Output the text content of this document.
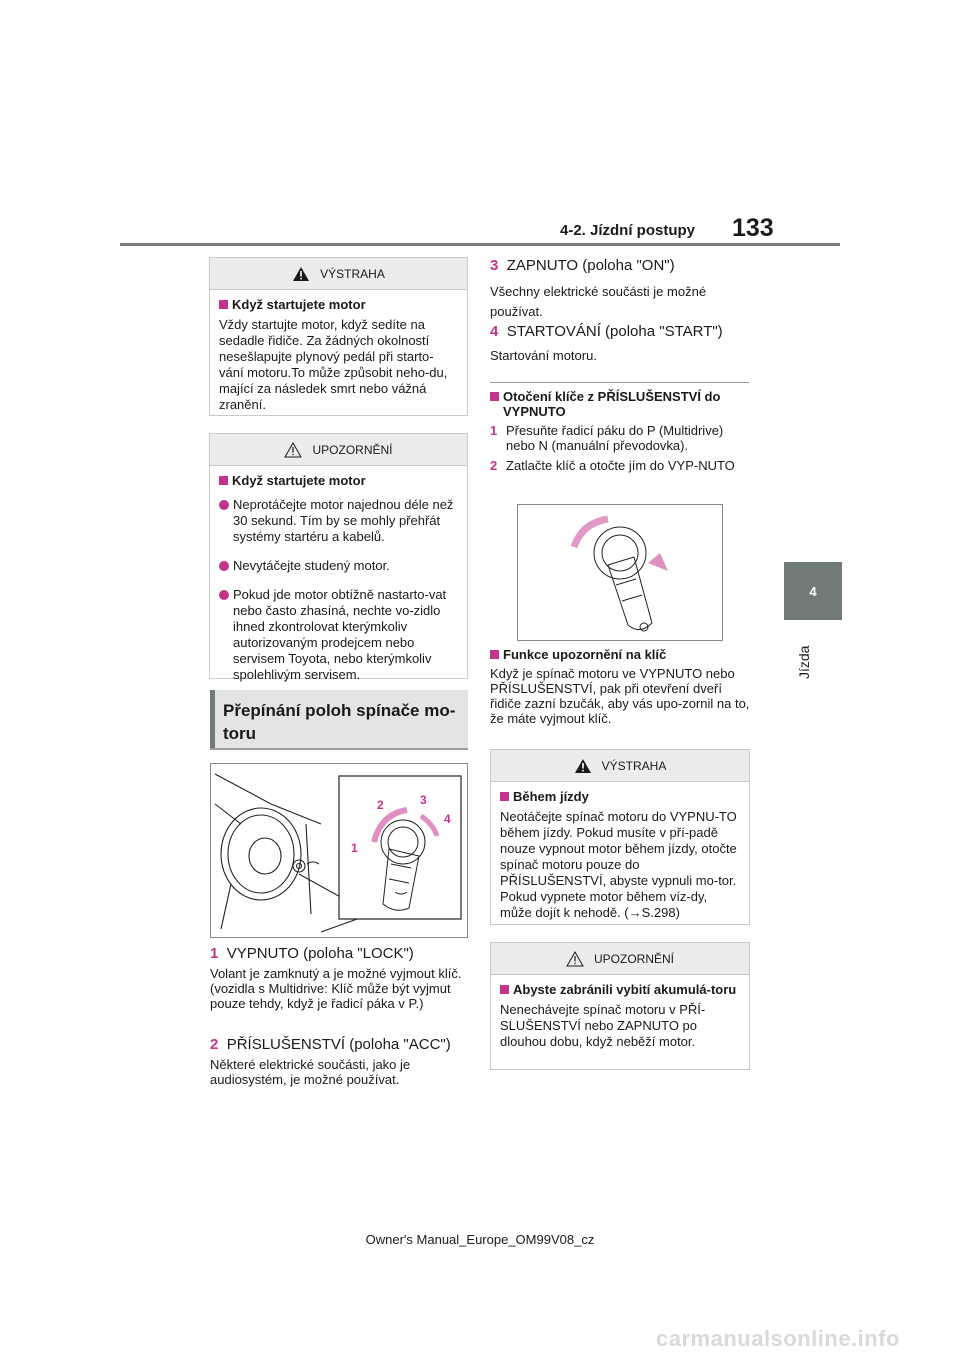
4-2. Jízdní postupy 133
4
Jízda
VÝSTRAHA
Když startujete motor
Vždy startujte motor, když sedíte na sedadle řidiče. Za žádných okolností nesešlapujte plynový pedál při starto-vání motoru.To může způsobit neho-du, mající za následek smrt nebo vážná zranění.
UPOZORNĚNÍ
Když startujete motor
Neprotáčejte motor najednou déle než 30 sekund. Tím by se mohly přehřát systémy startéru a kabelů.
Nevytáčejte studený motor.
Pokud jde motor obtížně nastarto-vat nebo často zhasíná, nechte vo-zidlo ihned zkontrolovat kterýmkoliv autorizovaným prodejcem nebo servisem Toyota, nebo kterýmkoliv spolehlivým servisem.
Přepínání poloh spínače mo-toru
1
2	3
4
1 VYPNUTO (poloha "LOCK")
Volant je zamknutý a je možné vyjmout klíč. (vozidla s Multidrive: Klíč může být vyjmut pouze tehdy, když je řadicí páka v P.)
2 PŘÍSLUŠENSTVÍ (poloha "ACC")
Některé elektrické součásti, jako je audiosystém, je možné používat.
3 ZAPNUTO (poloha "ON")
Všechny elektrické součásti je možné používat.
4 STARTOVÁNÍ (poloha "START")
Startování motoru.
Otočení klíče z PŘÍSLUŠENSTVÍ do VYPNUTO
1 Přesuňte řadicí páku do P (Multidrive) nebo N (manuální převodovka).
2 Zatlačte klíč a otočte jím do VYP-NUTO
Funkce upozornění na klíč
Když je spínač motoru ve VYPNUTO nebo PŘÍSLUŠENSTVÍ, pak při otevření dveří řidiče zazní bzučák, aby vás upo-zornil na to, že máte vyjmout klíč.
VÝSTRAHA
Během jízdy
Neotáčejte spínač motoru do VYPNU-TO během jízdy. Pokud musíte v pří-padě nouze vypnout motor během jízdy, otočte spínač motoru pouze do PŘÍSLUŠENSTVÍ, abyste vypnuli mo-tor. Pokud vypnete motor během víz-dy, může dojít k nehodě. (→S.298)
UPOZORNĚNÍ
Abyste zabránili vybití akumulá-toru
Nenechávejte spínač motoru v PŘÍ-SLUŠENSTVÍ nebo ZAPNUTO po dlouhou dobu, když neběží motor.
Owner's Manual_Europe_OM99V08_cz
carmanualsonline.info
